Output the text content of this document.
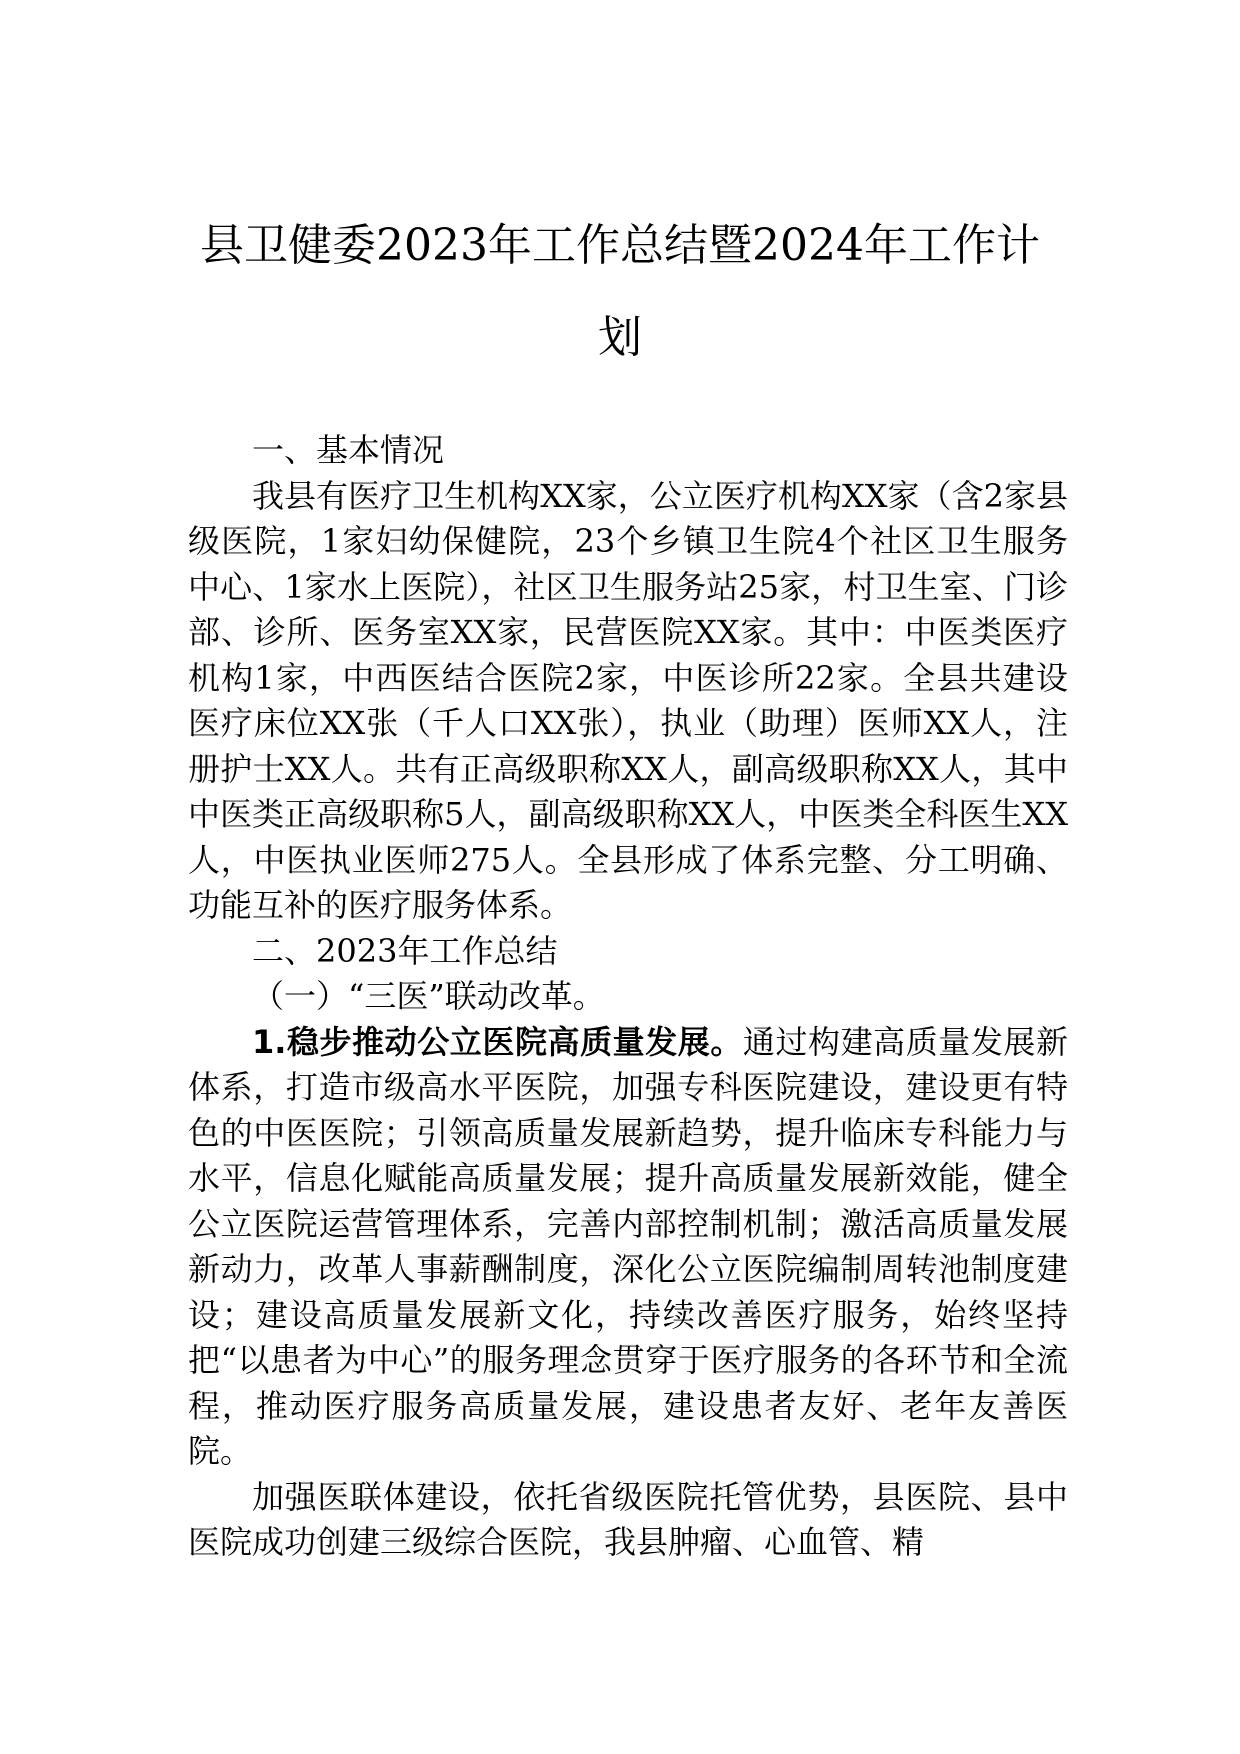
县卫健委2023年工作总结暨2024年工作计划

一、基本情况

我县有医疗卫生机构XX家，公立医疗机构XX家（含2家县级医院，1家妇幼保健院，23个乡镇卫生院4个社区卫生服务中心、1家水上医院），社区卫生服务站25家，村卫生室、门诊部、诊所、医务室XX家，民营医院XX家。其中：中医类医疗机构1家，中西医结合医院2家，中医诊所22家。全县共建设医疗床位XX张（千人口XX张），执业（助理）医师XX人，注册护士XX人。共有正高级职称XX人，副高级职称XX人，其中中医类正高级职称5人，副高级职称XX人，中医类全科医生XX人，中医执业医师275人。全县形成了体系完整、分工明确、功能互补的医疗服务体系。

二、2023年工作总结

（一）“三医”联动改革。

1.稳步推动公立医院高质量发展。通过构建高质量发展新体系，打造市级高水平医院，加强专科医院建设，建设更有特色的中医医院；引领高质量发展新趋势，提升临床专科能力与水平，信息化赋能高质量发展；提升高质量发展新效能，健全公立医院运营管理体系，完善内部控制机制；激活高质量发展新动力，改革人事薪酬制度，深化公立医院编制周转池制度建设；建设高质量发展新文化，持续改善医疗服务，始终坚持把“以患者为中心”的服务理念贯穿于医疗服务的各环节和全流程，推动医疗服务高质量发展，建设患者友好、老年友善医院。

加强医联体建设，依托省级医院托管优势，县医院、县中医院成功创建三级综合医院，我县肿瘤、心血管、精
